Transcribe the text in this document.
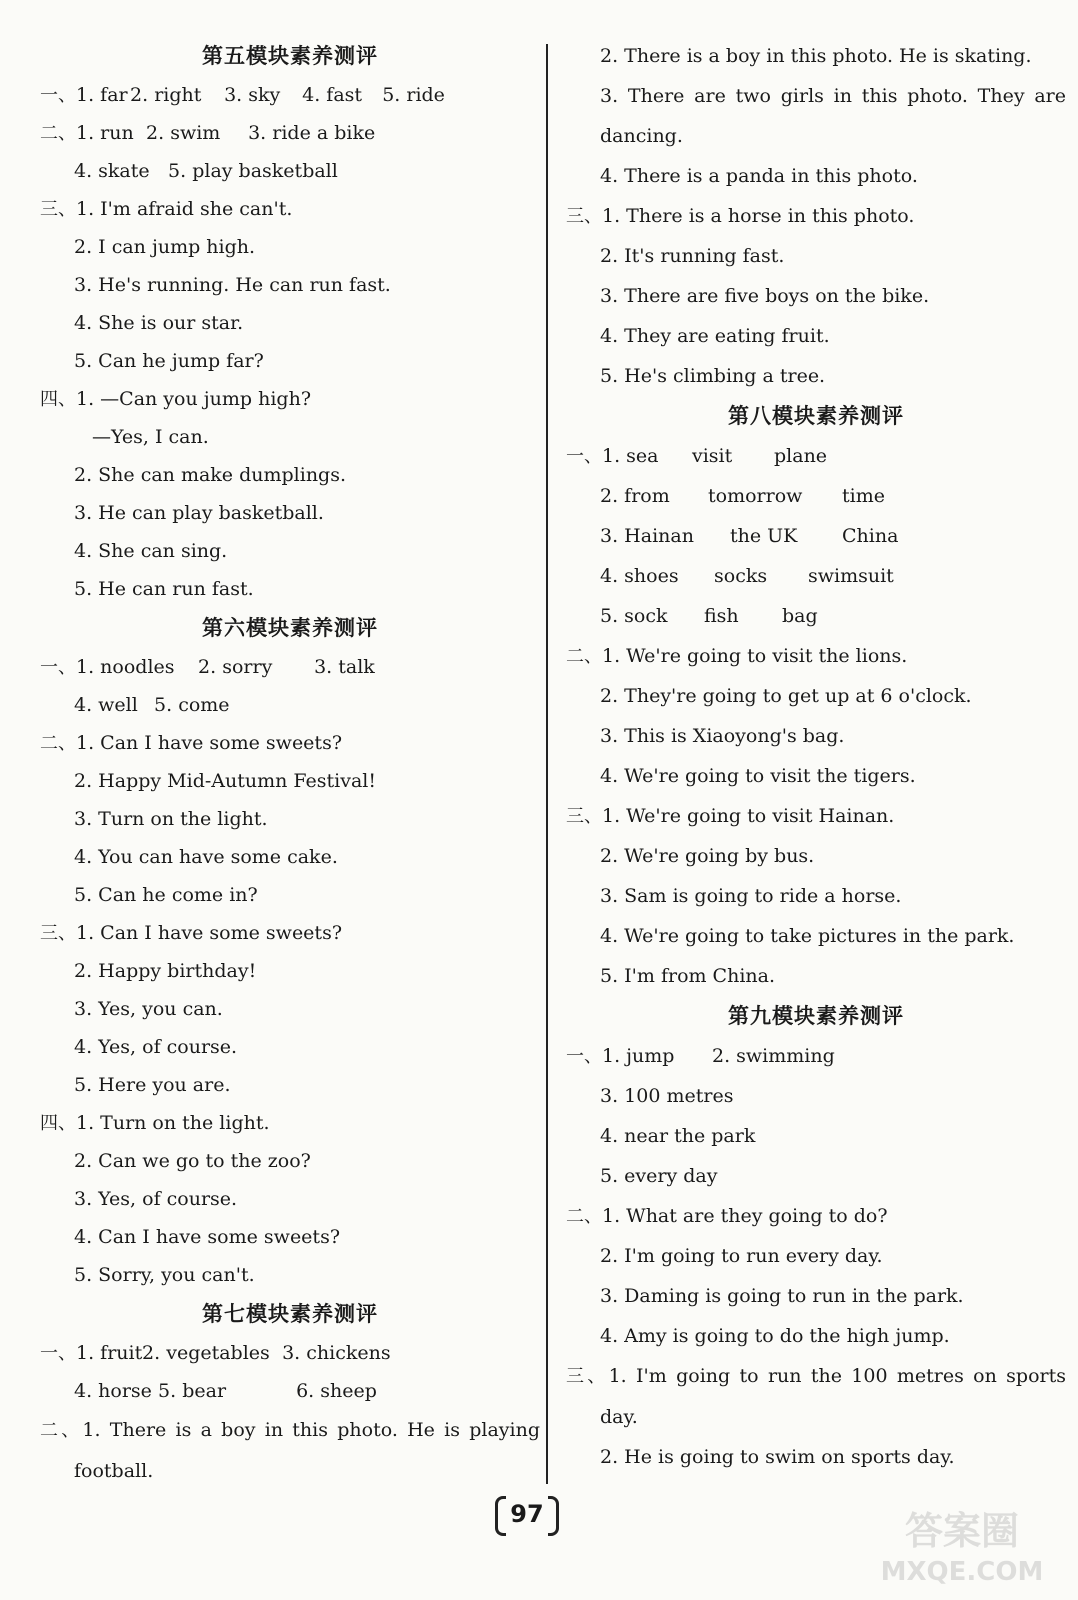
第五模块素养测评
一、1. far 2. right 3. sky 4. fast 5. ride
二、1. run 2. swim 3. ride a bike
4. skate 5. play basketball
三、1. I'm afraid she can't.
2. I can jump high.
3. He's running. He can run fast.
4. She is our star.
5. Can he jump far?
四、1. —Can you jump high?
—Yes, I can.
2. She can make dumplings.
3. He can play basketball.
4. She can sing.
5. He can run fast.
第六模块素养测评
一、1. noodles 2. sorry 3. talk
4. well 5. come
二、1. Can I have some sweets?
2. Happy Mid-Autumn Festival!
3. Turn on the light.
4. You can have some cake.
5. Can he come in?
三、1. Can I have some sweets?
2. Happy birthday!
3. Yes, you can.
4. Yes, of course.
5. Here you are.
四、1. Turn on the light.
2. Can we go to the zoo?
3. Yes, of course.
4. Can I have some sweets?
5. Sorry, you can't.
第七模块素养测评
一、1. fruit 2. vegetables 3. chickens
4. horse 5. bear	6. sheep
二、1. There is a boy in this photo. He is playing football.
2. There is a boy in this photo. He is skating.
3. There are two girls in this photo. They are dancing.
4. There is a panda in this photo.
三、1. There is a horse in this photo.
2. It's running fast.
3. There are five boys on the bike.
4. They are eating fruit.
5. He's climbing a tree.
第八模块素养测评
一、1. sea visit plane
2. from tomorrow time
3. Hainan the UK China
4. shoes socks swimsuit
5. sock fish bag
二、1. We're going to visit the lions.
2. They're going to get up at 6 o'clock.
3. This is Xiaoyong's bag.
4. We're going to visit the tigers.
三、1. We're going to visit Hainan.
2. We're going by bus.
3. Sam is going to ride a horse.
4. We're going to take pictures in the park.
5. I'm from China.
第九模块素养测评
一、1. jump 2. swimming
3. 100 metres
4. near the park
5. every day
二、1. What are they going to do?
2. I'm going to run every day.
3. Daming is going to run in the park.
4. Amy is going to do the high jump.
三、1. I'm going to run the 100 metres on sports day.
2. He is going to swim on sports day.
97	答案圈
MXQE.COM
